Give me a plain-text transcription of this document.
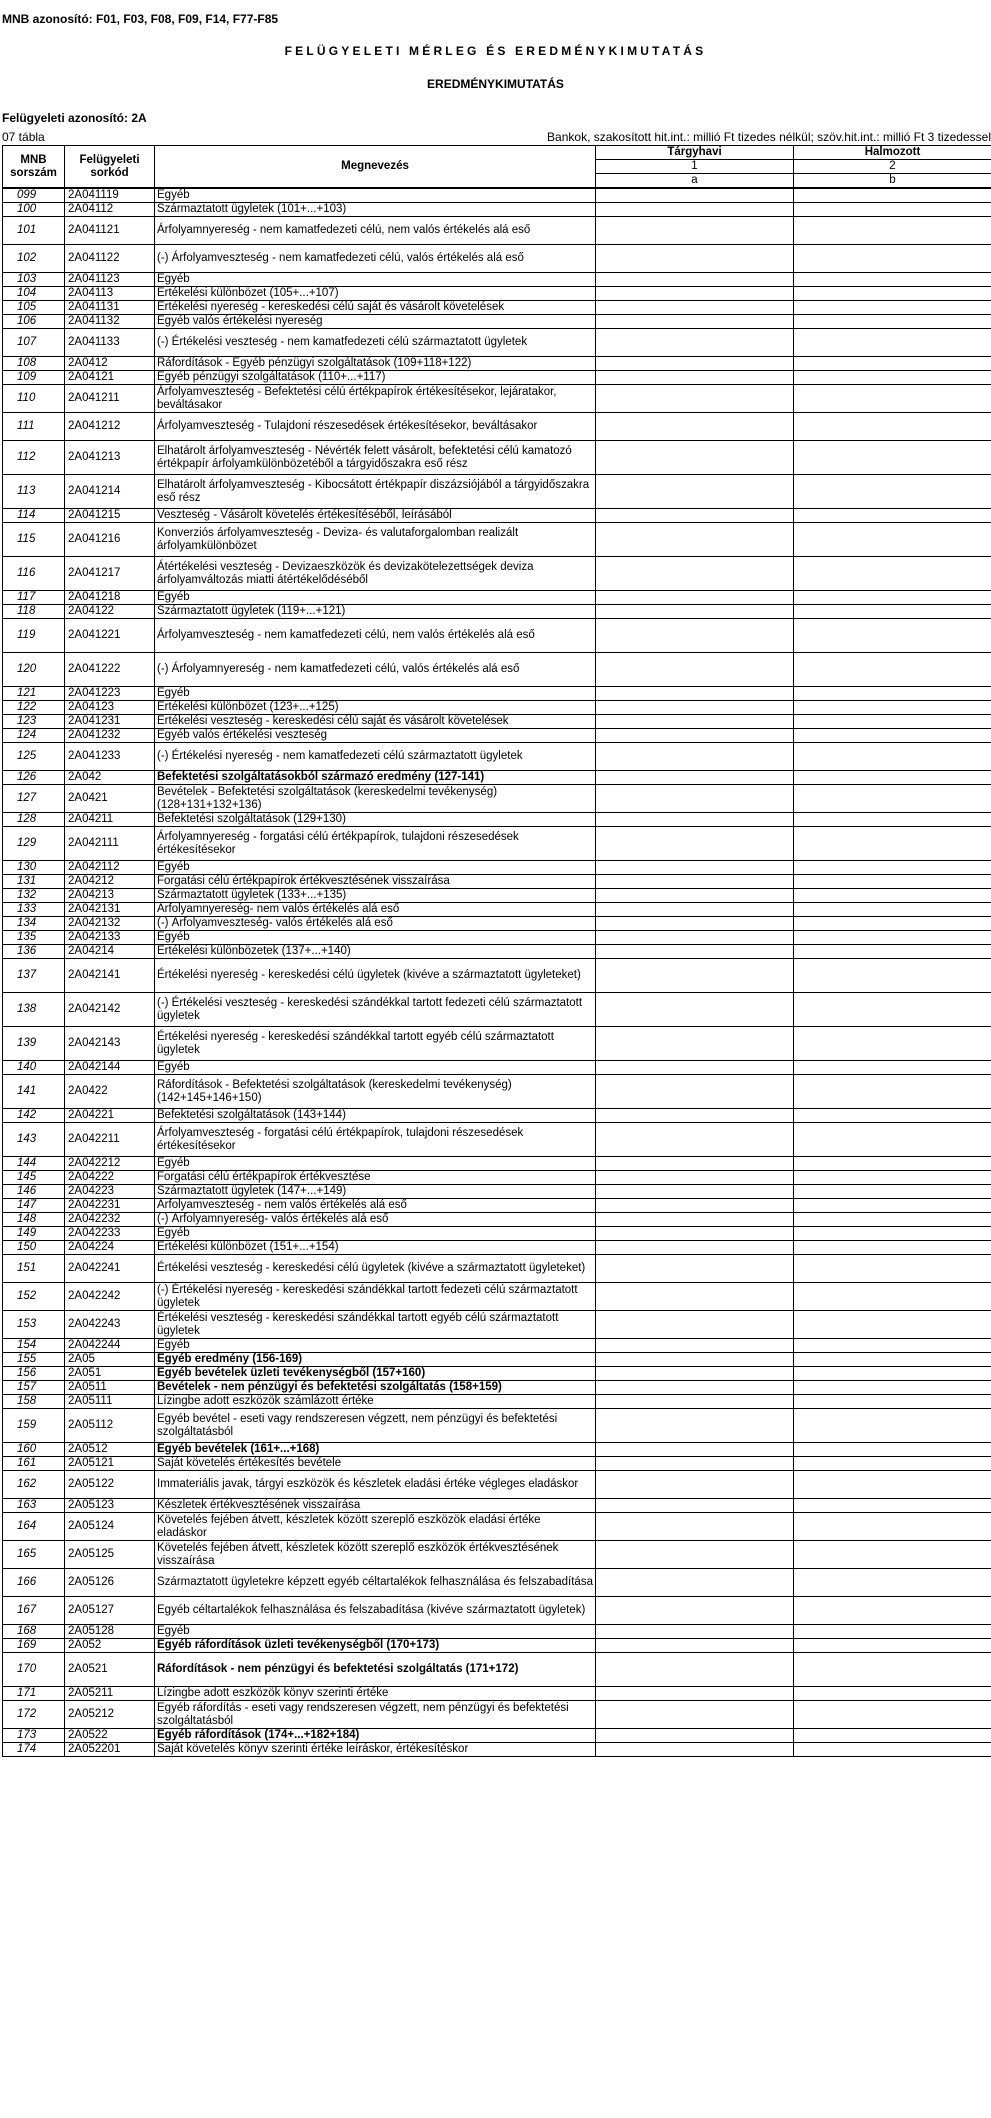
MNB azonosító: F01, F03, F08, F09, F14, F77-F85
FELÜGYELETI MÉRLEG ÉS EREDMÉNYKIMUTATÁS
EREDMÉNYKIMUTATÁS
Felügyeleti azonosító: 2A
07 tábla	Bankok, szakosított hit.int.: millió Ft tizedes nélkül; szöv.hit.int.: millió Ft 3 tizedessel
MNB sorszám	Felügyeleti sorkód	Megnevezés	Tárgyhavi	Halmozott
			1	2
			a	b
099	2A041119	Egyéb		
100	2A04112	Származtatott ügyletek (101+...+103)		
101	2A041121	Árfolyamnyereség - nem kamatfedezeti célú, nem valós értékelés alá eső		
102	2A041122	(-) Árfolyamveszteség - nem kamatfedezeti célú, valós értékelés alá eső		
103	2A041123	Egyéb		
104	2A04113	Értékelési különbözet (105+...+107)		
105	2A041131	Értékelési nyereség - kereskedési célú saját és vásárolt követelések		
106	2A041132	Egyéb valós értékelési nyereség		
107	2A041133	(-) Értékelési veszteség - nem kamatfedezeti célú származtatott ügyletek		
108	2A0412	Ráfordítások - Egyéb pénzügyi szolgáltatások (109+118+122)		
109	2A04121	Egyéb pénzügyi szolgáltatások (110+...+117)		
110	2A041211	Árfolyamveszteség - Befektetési célú értékpapírok értékesítésekor, lejáratakor, beváltásakor		
111	2A041212	Árfolyamveszteség - Tulajdoni részesedések értékesítésekor, beváltásakor		
112	2A041213	Elhatárolt árfolyamveszteség - Névérték felett vásárolt, befektetési célú kamatozó értékpapír árfolyamkülönbözetéből a tárgyidőszakra eső rész		
113	2A041214	Elhatárolt árfolyamveszteség - Kibocsátott értékpapír diszázsiójából a tárgyidőszakra eső rész		
114	2A041215	Veszteség - Vásárolt követelés értékesítéséből, leírásából		
115	2A041216	Konverziós árfolyamveszteség - Deviza- és valutaforgalomban realizált árfolyamkülönbözet		
116	2A041217	Átértékelési veszteség - Devizaeszközök és devizakötelezettségek deviza árfolyamváltozás miatti átértékelődéséből		
117	2A041218	Egyéb		
118	2A04122	Származtatott ügyletek (119+...+121)		
119	2A041221	Árfolyamveszteség - nem kamatfedezeti célú, nem valós értékelés alá eső		
120	2A041222	(-) Árfolyamnyereség - nem kamatfedezeti célú, valós értékelés alá eső		
121	2A041223	Egyéb		
122	2A04123	Értékelési különbözet (123+...+125)		
123	2A041231	Értékelési veszteség - kereskedési célú saját és vásárolt követelések		
124	2A041232	Egyéb valós értékelési veszteség		
125	2A041233	(-) Értékelési nyereség - nem kamatfedezeti célú származtatott ügyletek		
126	2A042	Befektetési szolgáltatásokból származó eredmény (127-141)		
127	2A0421	Bevételek - Befektetési szolgáltatások (kereskedelmi tevékenység) (128+131+132+136)		
128	2A04211	Befektetési szolgáltatások (129+130)		
129	2A042111	Árfolyamnyereség - forgatási célú értékpapírok, tulajdoni részesedések értékesítésekor		
130	2A042112	Egyéb		
131	2A04212	Forgatási célú értékpapírok értékvesztésének visszaírása		
132	2A04213	Származtatott ügyletek (133+...+135)		
133	2A042131	Árfolyamnyereség- nem valós értékelés alá eső		
134	2A042132	(-) Árfolyamveszteség- valós értékelés alá eső		
135	2A042133	Egyéb		
136	2A04214	Értékelési különbözetek (137+...+140)		
137	2A042141	Értékelési nyereség - kereskedési célú ügyletek (kivéve a származtatott ügyleteket)		
138	2A042142	(-) Értékelési veszteség - kereskedési szándékkal tartott fedezeti célú származtatott ügyletek		
139	2A042143	Értékelési nyereség - kereskedési szándékkal tartott egyéb célú származtatott ügyletek		
140	2A042144	Egyéb		
141	2A0422	Ráfordítások - Befektetési szolgáltatások (kereskedelmi tevékenység) (142+145+146+150)		
142	2A04221	Befektetési szolgáltatások (143+144)		
143	2A042211	Árfolyamveszteség - forgatási célú értékpapírok, tulajdoni részesedések értékesítésekor		
144	2A042212	Egyéb		
145	2A04222	Forgatási célú értékpapírok értékvesztése		
146	2A04223	Származtatott ügyletek (147+...+149)		
147	2A042231	Árfolyamveszteség - nem valós értékelés alá eső		
148	2A042232	(-) Árfolyamnyereség- valós értékelés alá eső		
149	2A042233	Egyéb		
150	2A04224	Értékelési különbözet (151+...+154)		
151	2A042241	Értékelési veszteség - kereskedési célú ügyletek (kivéve a származtatott ügyleteket)		
152	2A042242	(-) Értékelési nyereség - kereskedési szándékkal tartott fedezeti célú származtatott ügyletek		
153	2A042243	Értékelési veszteség - kereskedési szándékkal tartott egyéb célú származtatott ügyletek		
154	2A042244	Egyéb		
155	2A05	Egyéb eredmény (156-169)		
156	2A051	Egyéb bevételek üzleti tevékenységből (157+160)		
157	2A0511	Bevételek - nem pénzügyi és befektetési szolgáltatás (158+159)		
158	2A05111	Lízingbe adott eszközök számlázott értéke		
159	2A05112	Egyéb bevétel - eseti vagy rendszeresen végzett, nem pénzügyi és befektetési szolgáltatásból		
160	2A0512	Egyéb bevételek (161+...+168)		
161	2A05121	Saját követelés értékesítés bevétele		
162	2A05122	Immateriális javak, tárgyi eszközök és készletek eladási értéke végleges eladáskor		
163	2A05123	Készletek értékvesztésének visszaírása		
164	2A05124	Követelés fejében átvett, készletek között szereplő eszközök eladási értéke eladáskor		
165	2A05125	Követelés fejében átvett, készletek között szereplő eszközök értékvesztésének visszaírása		
166	2A05126	Származtatott ügyletekre képzett egyéb céltartalékok felhasználása és felszabadítása		
167	2A05127	Egyéb céltartalékok felhasználása és felszabadítása (kivéve származtatott ügyletek)		
168	2A05128	Egyéb		
169	2A052	Egyéb ráfordítások üzleti tevékenységből (170+173)		
170	2A0521	Ráfordítások - nem pénzügyi és befektetési szolgáltatás (171+172)		
171	2A05211	Lízingbe adott eszközök könyv szerinti értéke		
172	2A05212	Egyéb ráfordítás - eseti vagy rendszeresen végzett, nem pénzügyi és befektetési szolgáltatásból		
173	2A0522	Egyéb ráfordítások (174+...+182+184)		
174	2A052201	Saját követelés könyv szerinti értéke leíráskor, értékesítéskor		
